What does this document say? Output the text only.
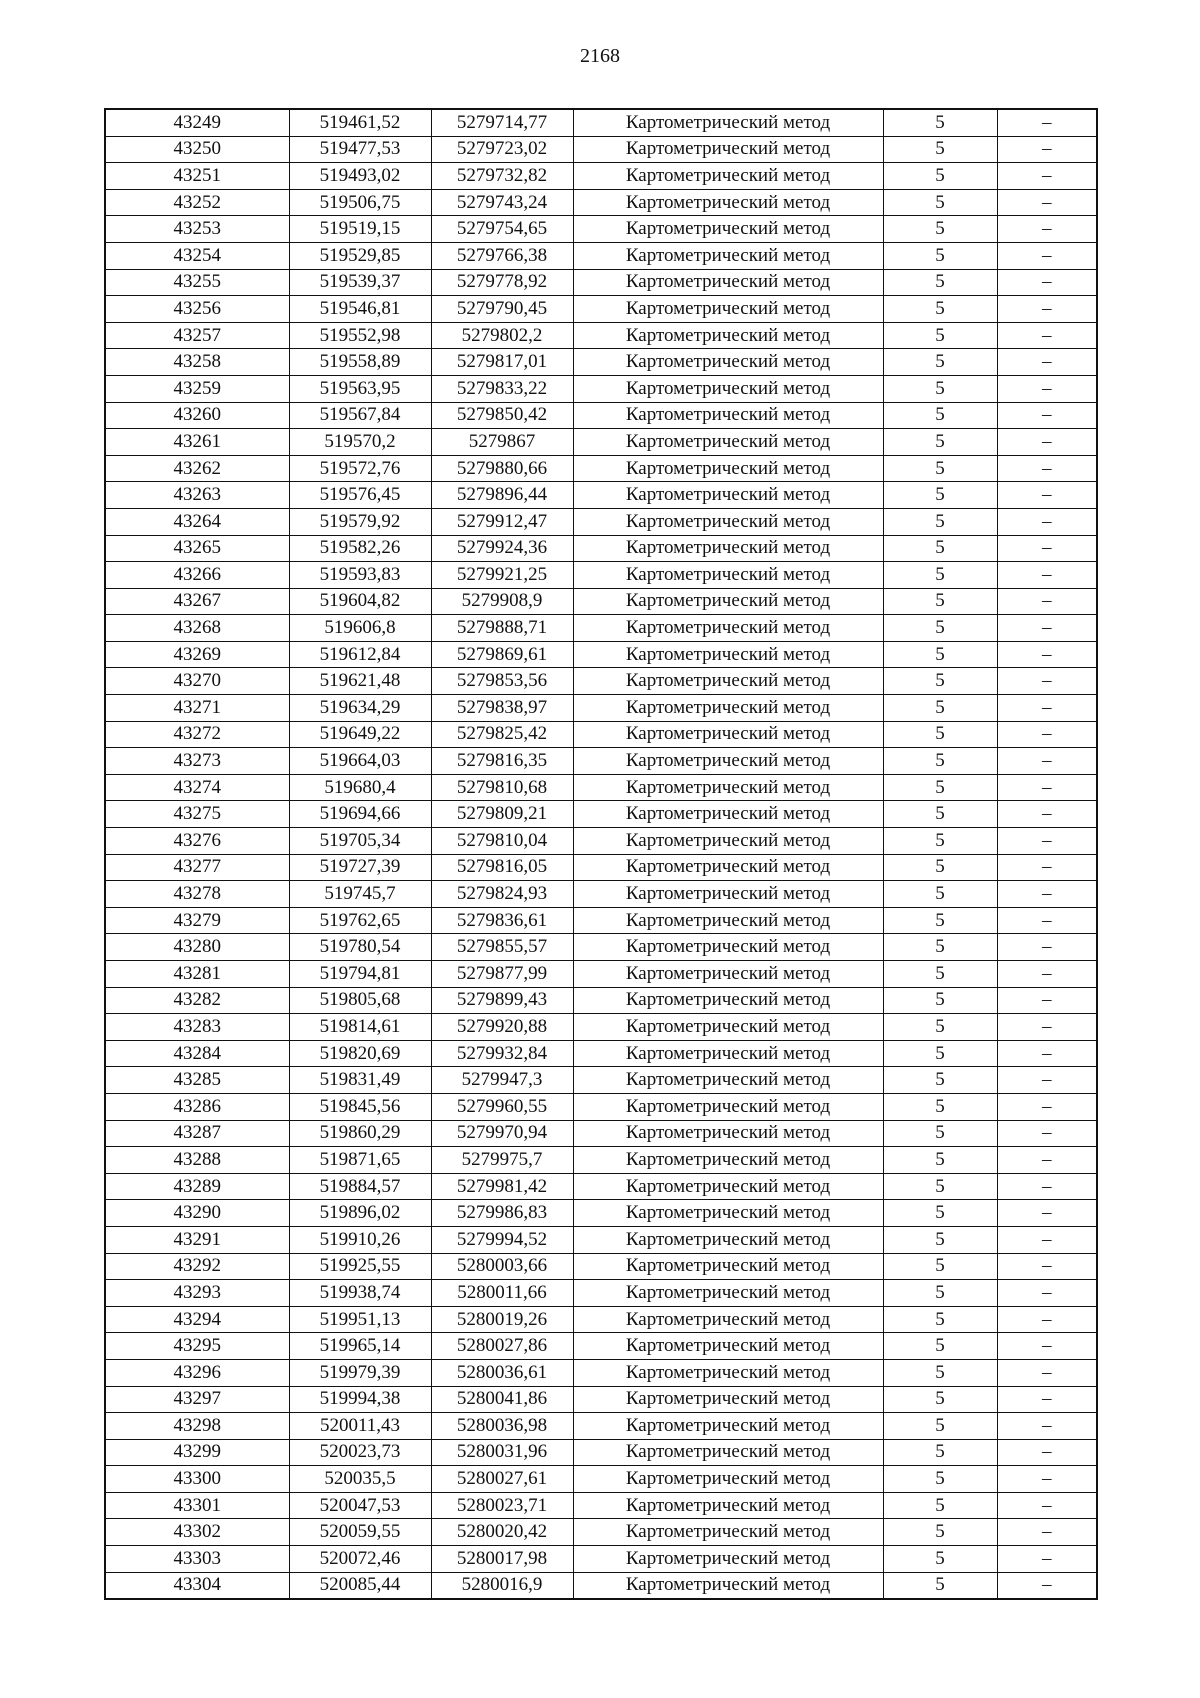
2168
43249	519461,52	5279714,77	Картометрический метод	5	–
43250	519477,53	5279723,02	Картометрический метод	5	–
43251	519493,02	5279732,82	Картометрический метод	5	–
43252	519506,75	5279743,24	Картометрический метод	5	–
43253	519519,15	5279754,65	Картометрический метод	5	–
43254	519529,85	5279766,38	Картометрический метод	5	–
43255	519539,37	5279778,92	Картометрический метод	5	–
43256	519546,81	5279790,45	Картометрический метод	5	–
43257	519552,98	5279802,2	Картометрический метод	5	–
43258	519558,89	5279817,01	Картометрический метод	5	–
43259	519563,95	5279833,22	Картометрический метод	5	–
43260	519567,84	5279850,42	Картометрический метод	5	–
43261	519570,2	5279867	Картометрический метод	5	–
43262	519572,76	5279880,66	Картометрический метод	5	–
43263	519576,45	5279896,44	Картометрический метод	5	–
43264	519579,92	5279912,47	Картометрический метод	5	–
43265	519582,26	5279924,36	Картометрический метод	5	–
43266	519593,83	5279921,25	Картометрический метод	5	–
43267	519604,82	5279908,9	Картометрический метод	5	–
43268	519606,8	5279888,71	Картометрический метод	5	–
43269	519612,84	5279869,61	Картометрический метод	5	–
43270	519621,48	5279853,56	Картометрический метод	5	–
43271	519634,29	5279838,97	Картометрический метод	5	–
43272	519649,22	5279825,42	Картометрический метод	5	–
43273	519664,03	5279816,35	Картометрический метод	5	–
43274	519680,4	5279810,68	Картометрический метод	5	–
43275	519694,66	5279809,21	Картометрический метод	5	–
43276	519705,34	5279810,04	Картометрический метод	5	–
43277	519727,39	5279816,05	Картометрический метод	5	–
43278	519745,7	5279824,93	Картометрический метод	5	–
43279	519762,65	5279836,61	Картометрический метод	5	–
43280	519780,54	5279855,57	Картометрический метод	5	–
43281	519794,81	5279877,99	Картометрический метод	5	–
43282	519805,68	5279899,43	Картометрический метод	5	–
43283	519814,61	5279920,88	Картометрический метод	5	–
43284	519820,69	5279932,84	Картометрический метод	5	–
43285	519831,49	5279947,3	Картометрический метод	5	–
43286	519845,56	5279960,55	Картометрический метод	5	–
43287	519860,29	5279970,94	Картометрический метод	5	–
43288	519871,65	5279975,7	Картометрический метод	5	–
43289	519884,57	5279981,42	Картометрический метод	5	–
43290	519896,02	5279986,83	Картометрический метод	5	–
43291	519910,26	5279994,52	Картометрический метод	5	–
43292	519925,55	5280003,66	Картометрический метод	5	–
43293	519938,74	5280011,66	Картометрический метод	5	–
43294	519951,13	5280019,26	Картометрический метод	5	–
43295	519965,14	5280027,86	Картометрический метод	5	–
43296	519979,39	5280036,61	Картометрический метод	5	–
43297	519994,38	5280041,86	Картометрический метод	5	–
43298	520011,43	5280036,98	Картометрический метод	5	–
43299	520023,73	5280031,96	Картометрический метод	5	–
43300	520035,5	5280027,61	Картометрический метод	5	–
43301	520047,53	5280023,71	Картометрический метод	5	–
43302	520059,55	5280020,42	Картометрический метод	5	–
43303	520072,46	5280017,98	Картометрический метод	5	–
43304	520085,44	5280016,9	Картометрический метод	5	–
